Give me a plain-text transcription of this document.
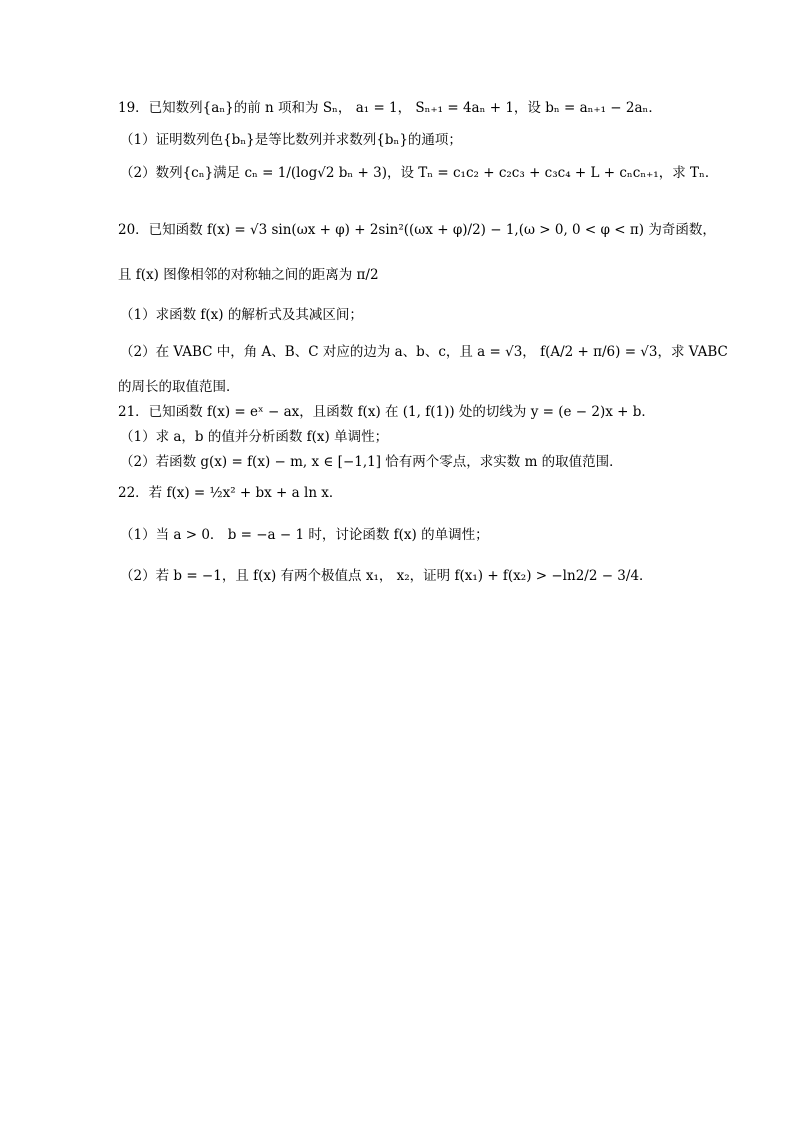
19．已知数列{aₙ}的前 n 项和为 Sₙ， a₁ = 1， Sₙ₊₁ = 4aₙ + 1，设 bₙ = aₙ₊₁ − 2aₙ．
（1）证明数列色{bₙ}是等比数列并求数列{bₙ}的通项；
（2）数列{cₙ}满足 cₙ = 1/(log√2 bₙ + 3)，设 Tₙ = c₁c₂ + c₂c₃ + c₃c₄ + L + cₙcₙ₊₁，求 Tₙ．
20．已知函数 f(x) = √3 sin(ωx + φ) + 2sin²((ωx + φ)/2) − 1,(ω > 0, 0 < φ < π) 为奇函数，
且 f(x) 图像相邻的对称轴之间的距离为 π/2
（1）求函数 f(x) 的解析式及其减区间；
（2）在 VABC 中，角 A、B、C 对应的边为 a、b、c，且 a = √3， f(A/2 + π/6) = √3，求 VABC
的周长的取值范围．
21．已知函数 f(x) = eˣ − ax，且函数 f(x) 在 (1, f(1)) 处的切线为 y = (e − 2)x + b．
（1）求 a，b 的值并分析函数 f(x) 单调性；
（2）若函数 g(x) = f(x) − m, x ∈ [−1,1] 恰有两个零点，求实数 m 的取值范围．
22．若 f(x) = ½x² + bx + a ln x．
（1）当 a > 0． b = −a − 1 时，讨论函数 f(x) 的单调性；
（2）若 b = −1，且 f(x) 有两个极值点 x₁， x₂，证明 f(x₁) + f(x₂) > −ln2/2 − 3/4．
